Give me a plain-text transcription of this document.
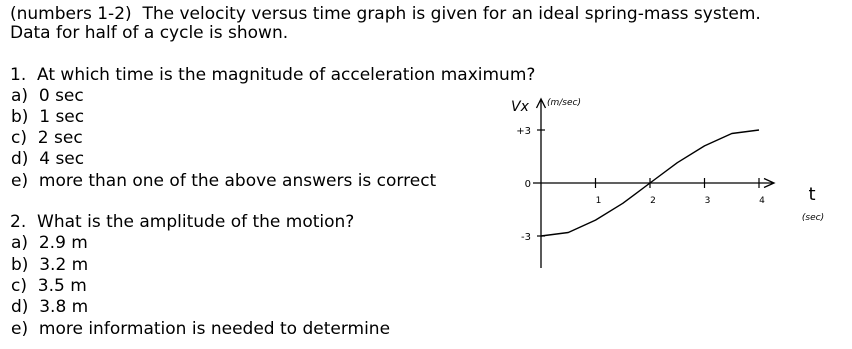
(numbers 1-2)  The velocity versus time graph is given for an ideal spring-mass system.
Data for half of a cycle is shown.
1.  At which time is the magnitude of acceleration maximum?
a)  0 sec
b)  1 sec
c)  2 sec
d)  4 sec
e)  more than one of the above answers is correct
2.  What is the amplitude of the motion?
a)  2.9 m
b)  3.2 m
c)  3.5 m
d)  3.8 m
e)  more information is needed to determine
Vx (m/sec)
t
(sec)
+3
0
-3
1	2	3	4
